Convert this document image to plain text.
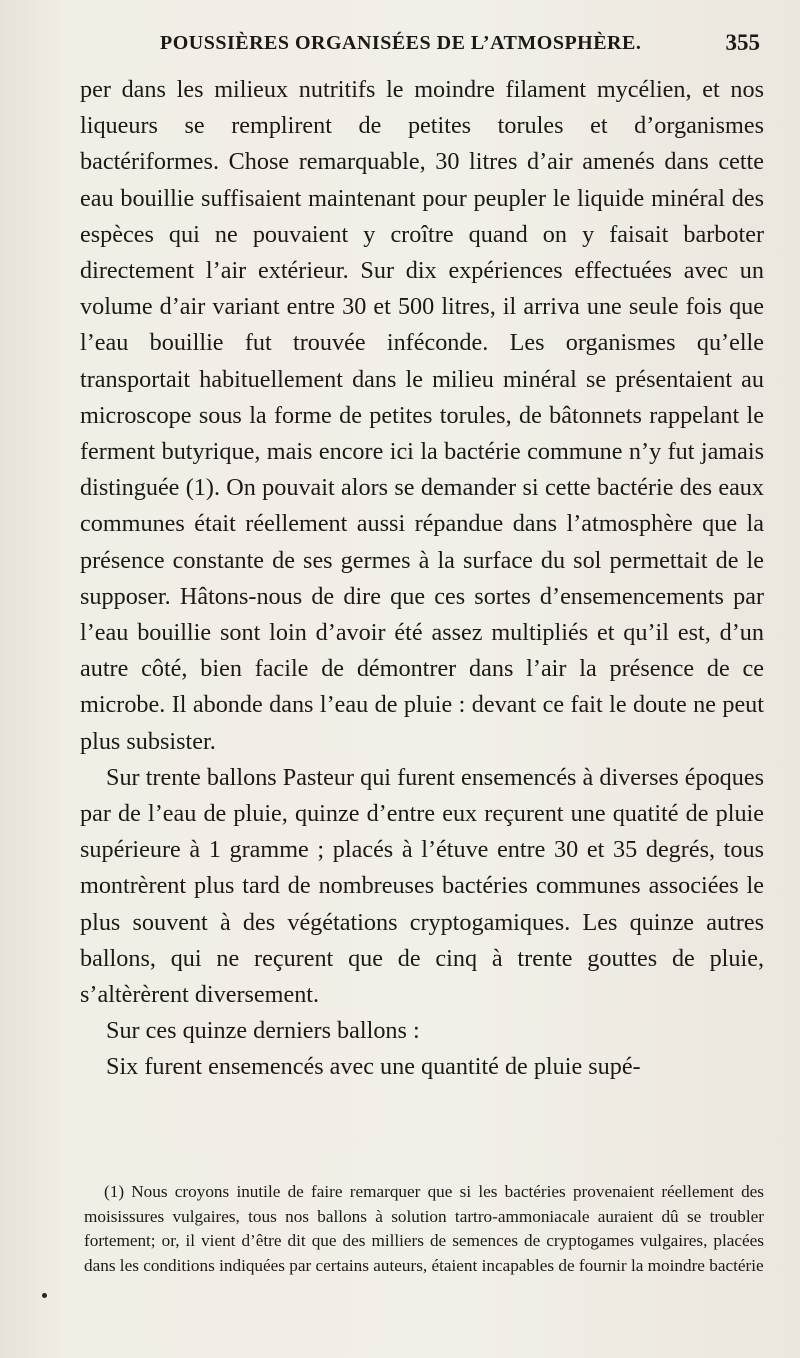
POUSSIÈRES ORGANISÉES DE L’ATMOSPHÈRE.	355

per dans les milieux nutritifs le moindre filament mycélien, et nos liqueurs se remplirent de petites torules et d’organismes bactériformes. Chose remarquable, 30 litres d’air amenés dans cette eau bouillie suffisaient maintenant pour peupler le liquide minéral des espèces qui ne pouvaient y croître quand on y faisait barboter directement l’air extérieur. Sur dix expériences effectuées avec un volume d’air variant entre 30 et 500 litres, il arriva une seule fois que l’eau bouillie fut trouvée inféconde. Les organismes qu’elle transportait habituellement dans le milieu minéral se présentaient au microscope sous la forme de petites torules, de bâtonnets rappelant le ferment butyrique, mais encore ici la bactérie commune n’y fut jamais distinguée (1). On pouvait alors se demander si cette bactérie des eaux communes était réellement aussi répandue dans l’atmosphère que la présence constante de ses germes à la surface du sol permettait de le supposer. Hâtons-nous de dire que ces sortes d’ensemencements par l’eau bouillie sont loin d’avoir été assez multipliés et qu’il est, d’un autre côté, bien facile de démontrer dans l’air la présence de ce microbe. Il abonde dans l’eau de pluie : devant ce fait le doute ne peut plus subsister.

Sur trente ballons Pasteur qui furent ensemencés à diverses époques par de l’eau de pluie, quinze d’entre eux reçurent une quatité de pluie supérieure à 1 gramme ; placés à l’étuve entre 30 et 35 degrés, tous montrèrent plus tard de nombreuses bactéries communes associées le plus souvent à des végétations cryptogamiques. Les quinze autres ballons, qui ne reçurent que de cinq à trente gouttes de pluie, s’altèrèrent diversement.

Sur ces quinze derniers ballons :

Six furent ensemencés avec une quantité de pluie supé-

(1) Nous croyons inutile de faire remarquer que si les bactéries provenaient réellement des moisissures vulgaires, tous nos ballons à solution tartro-ammoniacale auraient dû se troubler fortement; or, il vient d’être dit que des milliers de semences de cryptogames vulgaires, placées dans les conditions indiquées par certains auteurs, étaient incapables de fournir la moindre bactérie
